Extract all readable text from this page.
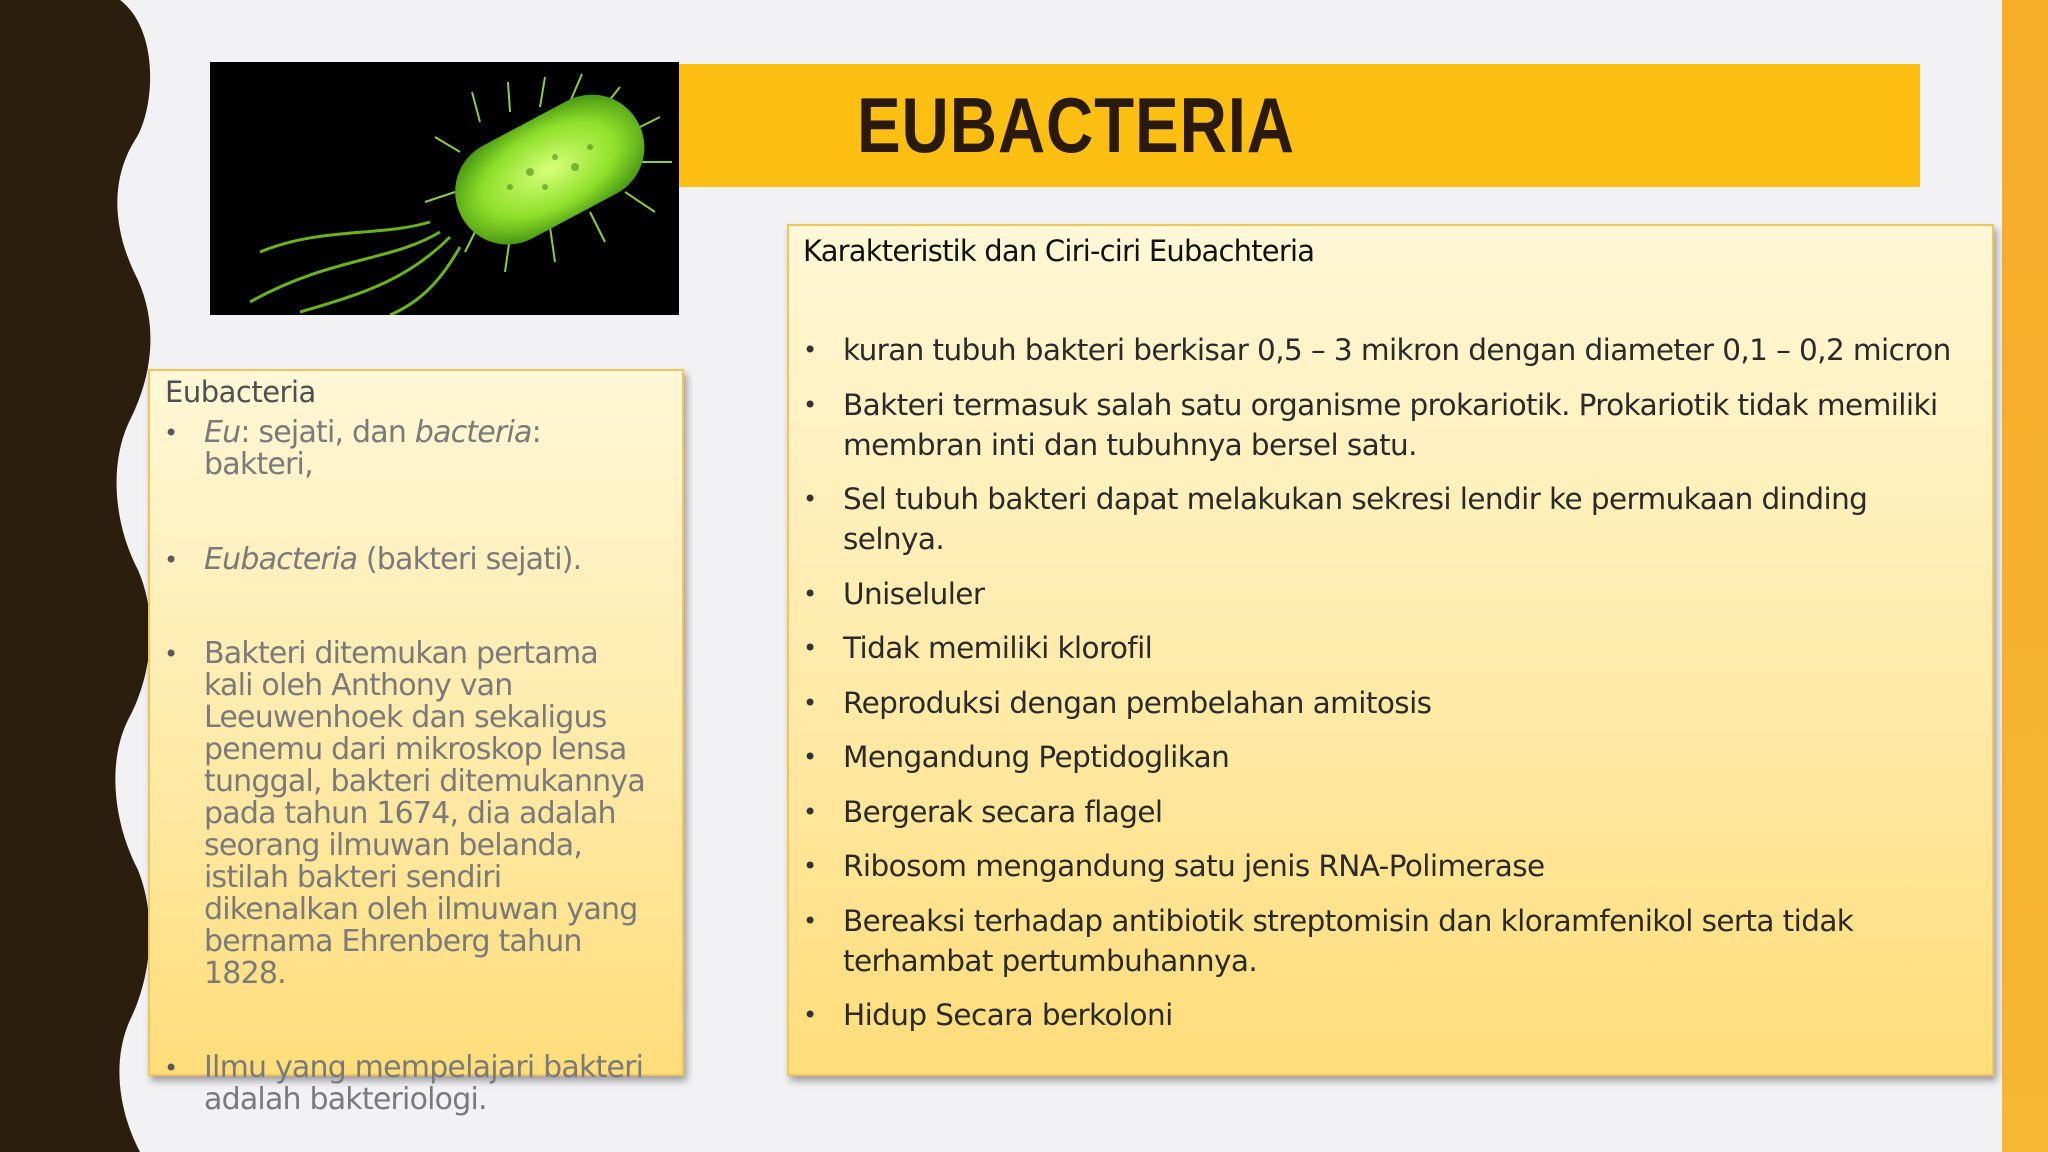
EUBACTERIA
Eubacteria
• Eu: sejati, dan bacteria: bakteri,
• Eubacteria (bakteri sejati).
• Bakteri ditemukan pertama kali oleh Anthony van Leeuwenhoek dan sekaligus penemu dari mikroskop lensa tunggal, bakteri ditemukannya pada tahun 1674, dia adalah seorang ilmuwan belanda, istilah bakteri sendiri dikenalkan oleh ilmuwan yang bernama Ehrenberg tahun 1828.
• Ilmu yang mempelajari bakteri adalah bakteriologi.
Karakteristik dan Ciri-ciri Eubachteria
• kuran tubuh bakteri berkisar 0,5 – 3 mikron dengan diameter 0,1 – 0,2 micron
• Bakteri termasuk salah satu organisme prokariotik. Prokariotik tidak memiliki membran inti dan tubuhnya bersel satu.
• Sel tubuh bakteri dapat melakukan sekresi lendir ke permukaan dinding selnya.
• Uniseluler
• Tidak memiliki klorofil
• Reproduksi dengan pembelahan amitosis
• Mengandung Peptidoglikan
• Bergerak secara flagel
• Ribosom mengandung satu jenis RNA-Polimerase
• Bereaksi terhadap antibiotik streptomisin dan kloramfenikol serta tidak terhambat pertumbuhannya.
• Hidup Secara berkoloni
